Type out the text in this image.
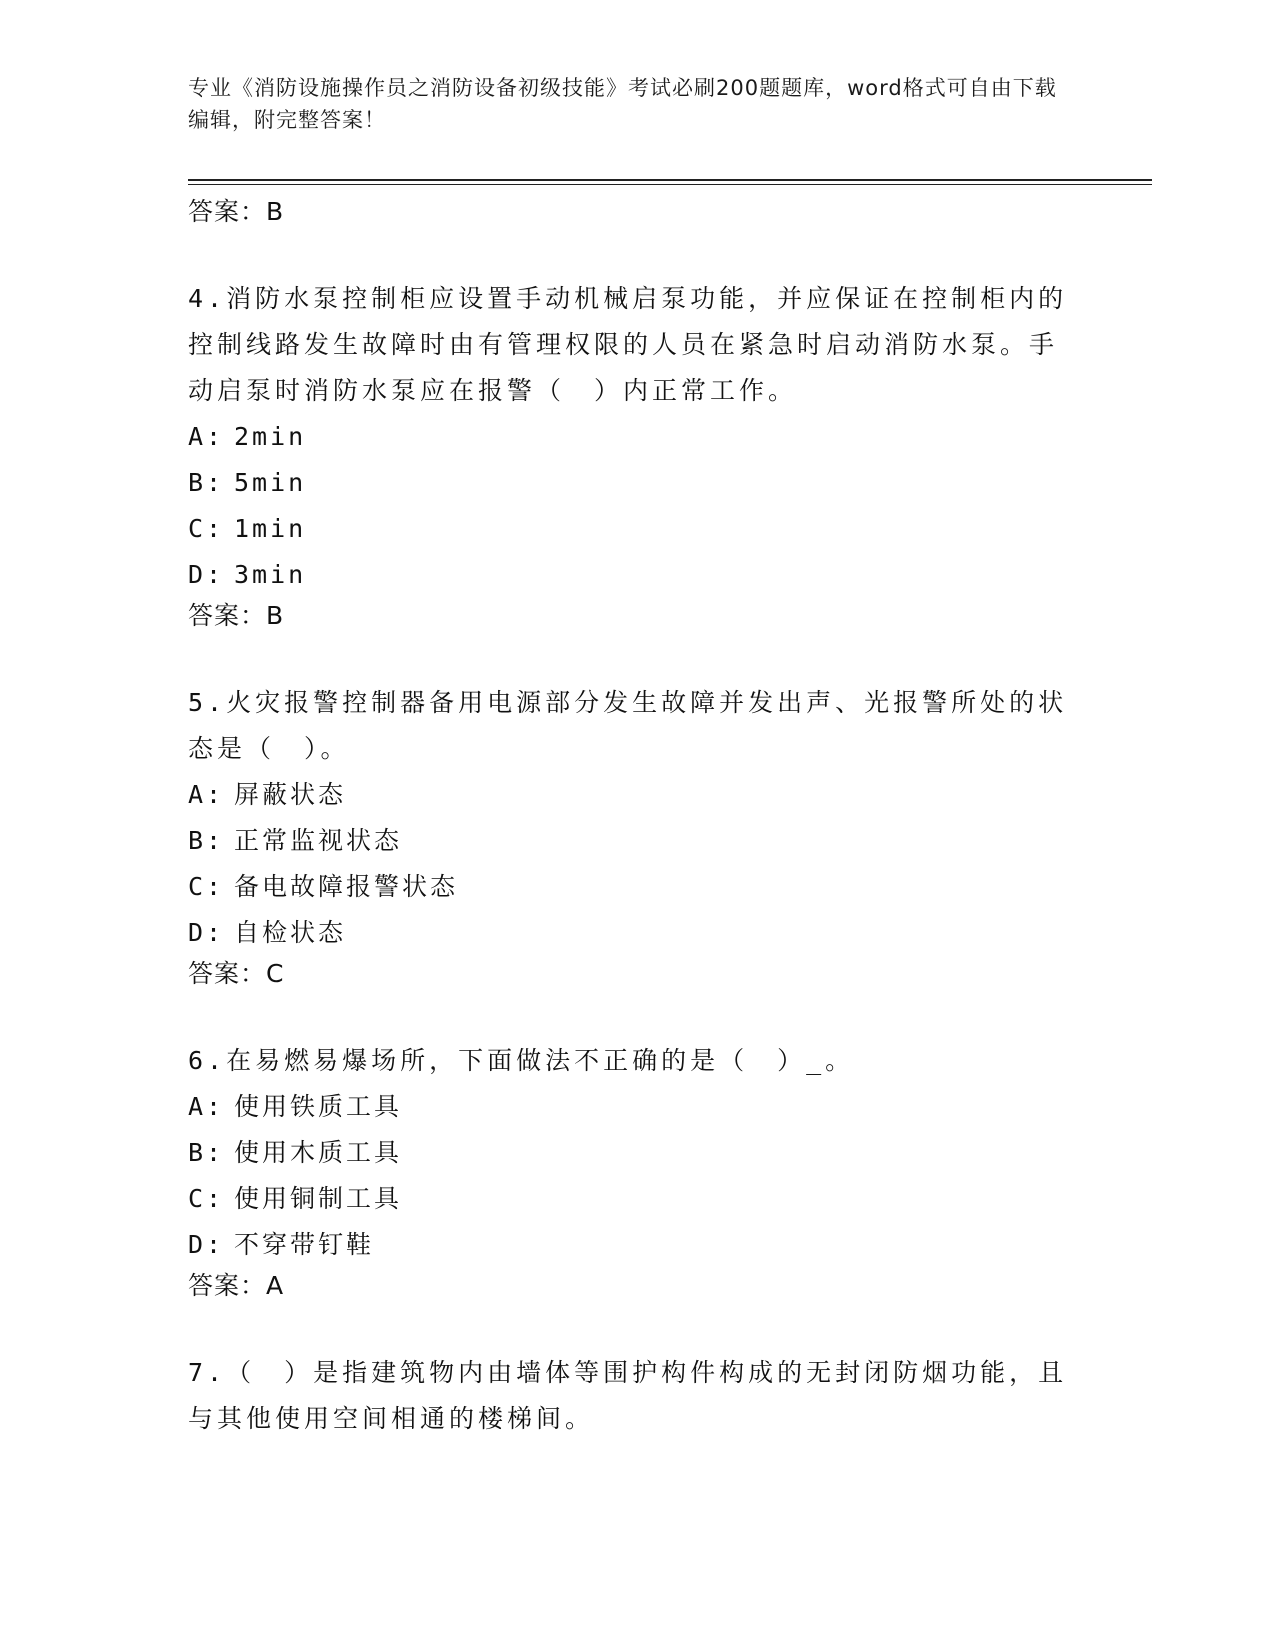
专业《消防设施操作员之消防设备初级技能》考试必刷200题题库，word格式可自由下载编辑，附完整答案！

答案：B

4.消防水泵控制柜应设置手动机械启泵功能，并应保证在控制柜内的控制线路发生故障时由有管理权限的人员在紧急时启动消防水泵。手动启泵时消防水泵应在报警（　）内正常工作。

A: 2min
B: 5min
C: 1min
D: 3min

答案：B

5.火灾报警控制器备用电源部分发生故障并发出声、光报警所处的状态是（　）。

A: 屏蔽状态
B: 正常监视状态
C: 备电故障报警状态
D: 自检状态

答案：C

6.在易燃易爆场所，下面做法不正确的是（　）_。

A: 使用铁质工具
B: 使用木质工具
C: 使用铜制工具
D: 不穿带钉鞋

答案：A

7.（　）是指建筑物内由墙体等围护构件构成的无封闭防烟功能，且与其他使用空间相通的楼梯间。
